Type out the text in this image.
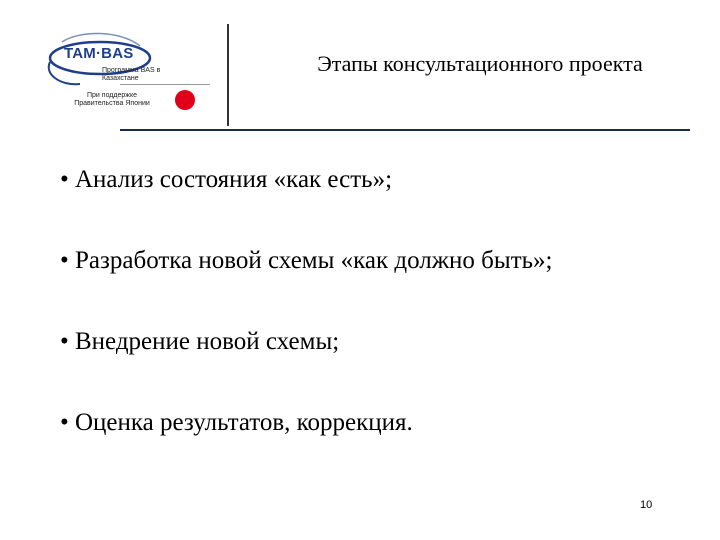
TAM·BAS
Программа BAS в Казахстане
При поддержке Правительства Японии
Этапы консультационного проекта
• Анализ состояния «как есть»;
• Разработка новой схемы «как должно быть»;
• Внедрение новой схемы;
• Оценка результатов, коррекция.
10
